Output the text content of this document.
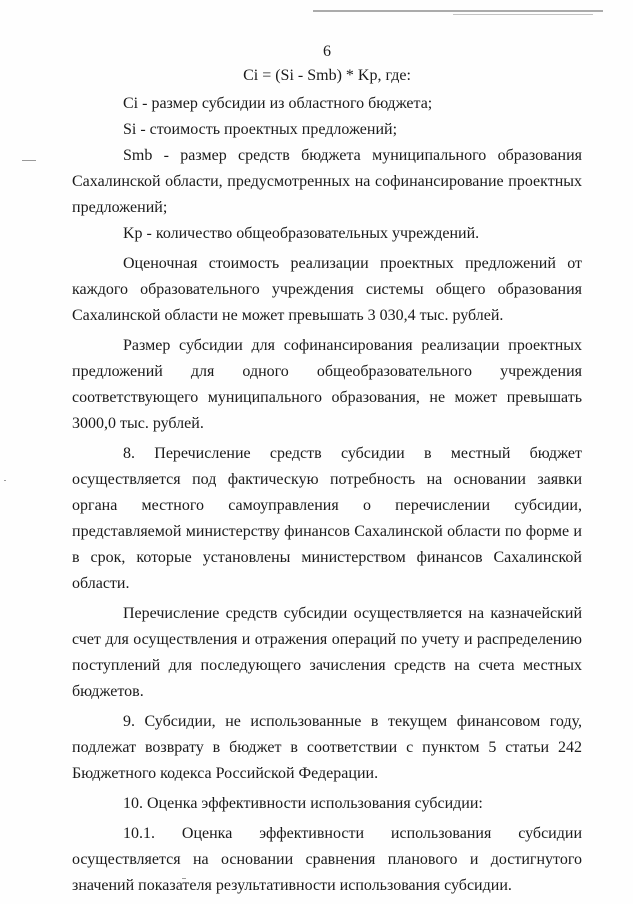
6
Ci = (Si - Smb) * Kp, где:

Ci - размер субсидии из областного бюджета;

Si - стоимость проектных предложений;

Smb - размер средств бюджета муниципального образования Сахалинской области, предусмотренных на софинансирование проектных предложений;

Kp - количество общеобразовательных учреждений.

Оценочная стоимость реализации проектных предложений от каждого образовательного учреждения системы общего образования Сахалинской области не может превышать 3 030,4 тыс. рублей.

Размер субсидии для софинансирования реализации проектных предложений для одного общеобразовательного учреждения соответствующего муниципального образования, не может превышать 3000,0 тыс. рублей.

8. Перечисление средств субсидии в местный бюджет осуществляется под фактическую потребность на основании заявки органа местного самоуправления о перечислении субсидии, представляемой министерству финансов Сахалинской области по форме и в срок, которые установлены министерством финансов Сахалинской области.

Перечисление средств субсидии осуществляется на казначейский счет для осуществления и отражения операций по учету и распределению поступлений для последующего зачисления средств на счета местных бюджетов.

9. Субсидии, не использованные в текущем финансовом году, подлежат возврату в бюджет в соответствии с пунктом 5 статьи 242 Бюджетного кодекса Российской Федерации.

10. Оценка эффективности использования субсидии:

10.1. Оценка эффективности использования субсидии осуществляется на основании сравнения планового и достигнутого значений показателя результативности использования субсидии.
